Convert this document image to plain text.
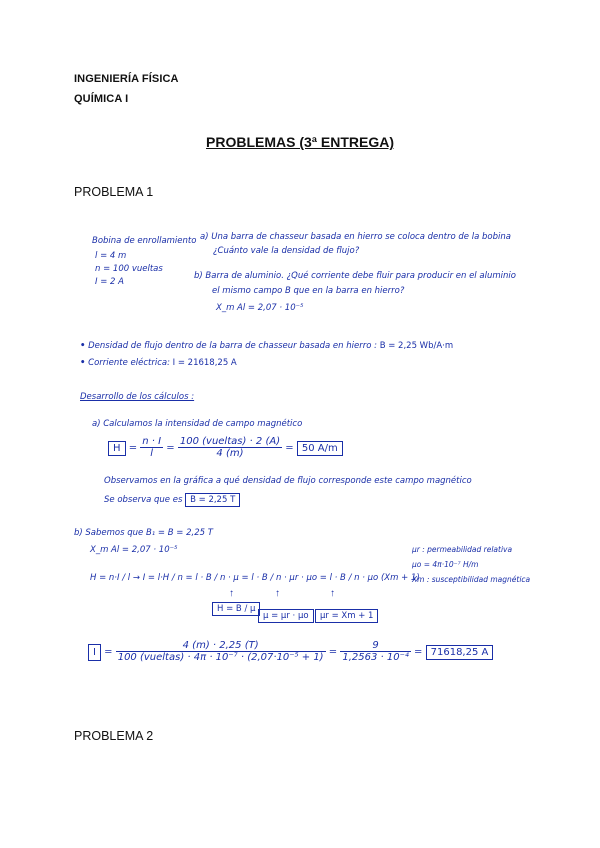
INGENIERÍA FÍSICA
QUÍMICA I
PROBLEMAS (3ª ENTREGA)
PROBLEMA 1
Bobina de enrollamiento
l = 4 m
n = 100 vueltas
I = 2 A
a) Una barra de chasseur basada en hierro se coloca dentro de la bobina
¿Cuánto vale la densidad de flujo?
b) Barra de aluminio. ¿Qué corriente debe fluir para producir en el aluminio
el mismo campo B que en la barra en hierro?
Χ_m Al = 2,07 · 10⁻⁵
• Densidad de flujo dentro de la barra de chasseur basada en hierro : B = 2,25 Wb/A·m
• Corriente eléctrica: I = 21618,25 A
Desarrollo de los cálculos :
a) Calculamos la intensidad de campo magnético
$H = \frac{n \cdot I}{l} = \frac{\text{100 (vueltas) · 2 (A)}}{4 (m)} = 50$ A/m
Observamos en la gráfica a qué densidad de flujo corresponde este campo magnético
Se observa que es B = 2,25 T
b) Sabemos que B₁ = B = 2,25 T
Χ_m Al = 2,07 · 10⁻⁵	μr : permeabilidad relativa
μo = 4π·10⁻⁷ H/m
Χm : susceptibilidad magnética
H = n·I / l → I = l·H / n = l · B / n · μ = l · B / n · μr · μo = l · B / n · μo (Χm + 1)
↑	↑	↑
H = B / μ
μ = μr · μo	μr = Χm + 1
$I = \frac{4 (m) \cdot 2,25 (T)}{\text{100 (vueltas) · 4π · 10⁻⁷ · (2,07·10⁻⁵ + 1)}} = \frac{9}{\text{1,2563 · 10⁻⁴}} = 71618,25$ A
PROBLEMA 2
